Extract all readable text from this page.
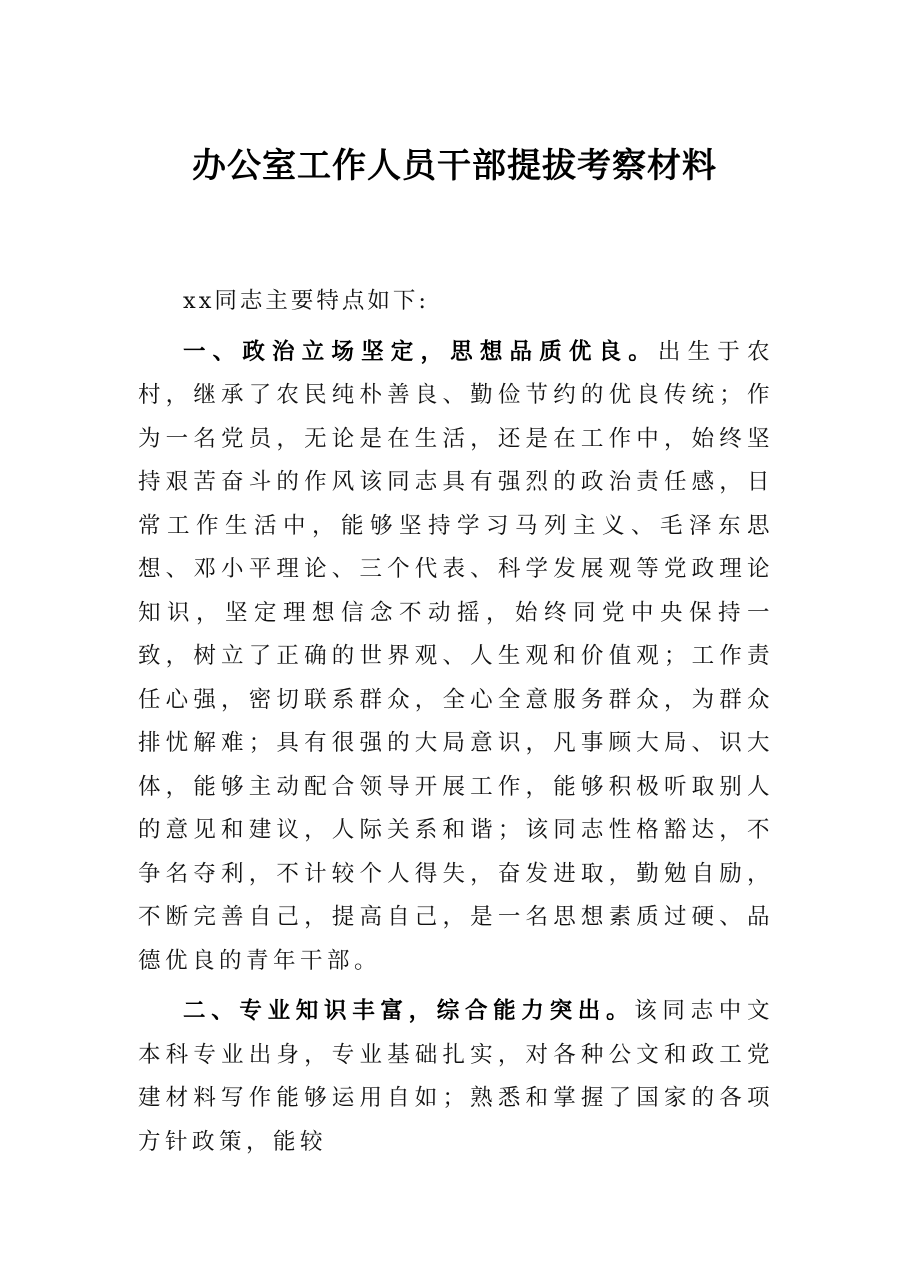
办公室工作人员干部提拔考察材料

xx同志主要特点如下:

一、政治立场坚定，思想品质优良。出生于农村，继承了农民纯朴善良、勤俭节约的优良传统；作为一名党员，无论是在生活，还是在工作中，始终坚持艰苦奋斗的作风该同志具有强烈的政治责任感，日常工作生活中，能够坚持学习马列主义、毛泽东思想、邓小平理论、三个代表、科学发展观等党政理论知识，坚定理想信念不动摇，始终同党中央保持一致，树立了正确的世界观、人生观和价值观；工作责任心强，密切联系群众，全心全意服务群众，为群众排忧解难；具有很强的大局意识，凡事顾大局、识大体，能够主动配合领导开展工作，能够积极听取别人的意见和建议，人际关系和谐；该同志性格豁达，不争名夺利，不计较个人得失，奋发进取，勤勉自励，不断完善自己，提高自己，是一名思想素质过硬、品德优良的青年干部。

二、专业知识丰富，综合能力突出。该同志中文本科专业出身，专业基础扎实，对各种公文和政工党建材料写作能够运用自如；熟悉和掌握了国家的各项方针政策，能较
